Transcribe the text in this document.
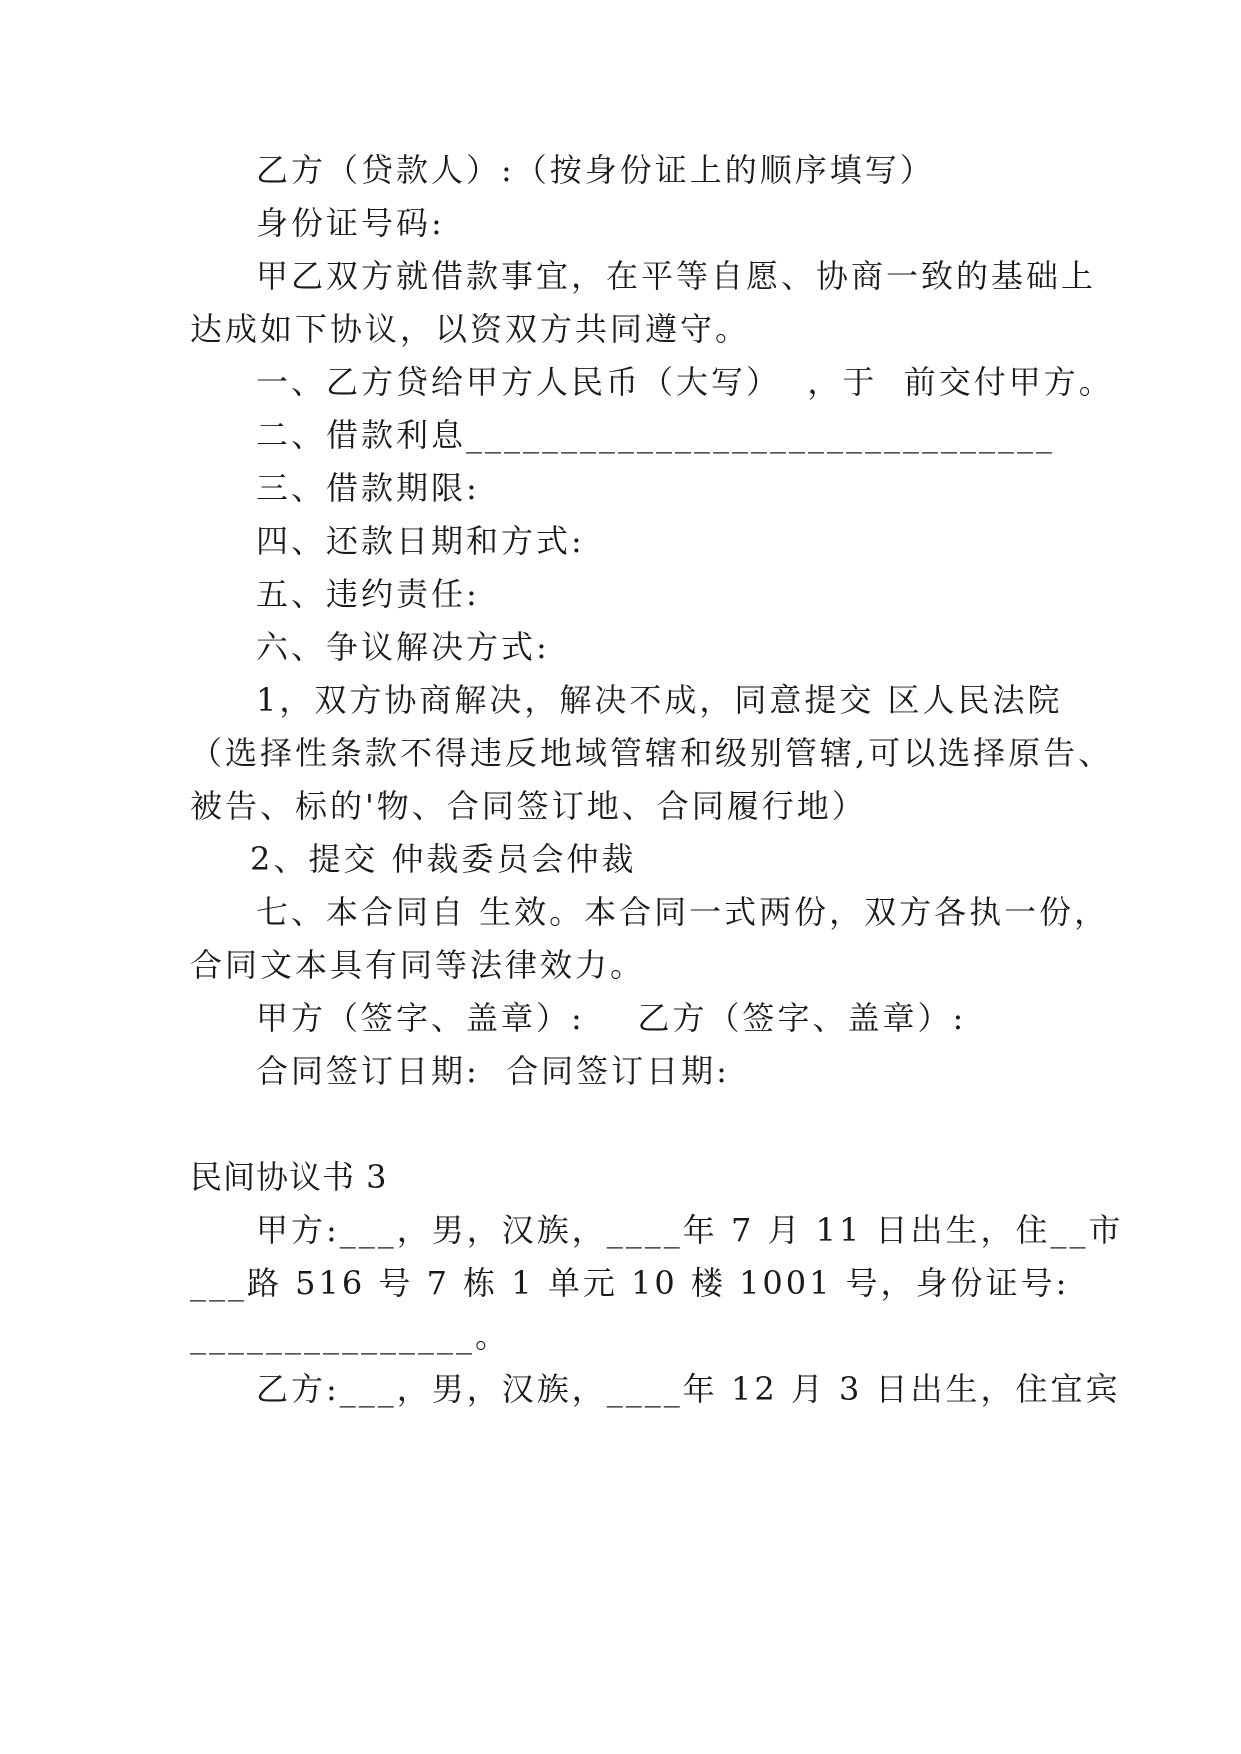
乙方（贷款人）:（按身份证上的顺序填写）
身份证号码:
甲乙双方就借款事宜，在平等自愿、协商一致的基础上
达成如下协议，以资双方共同遵守。
一、乙方贷给甲方人民币（大写）  ，于  前交付甲方。
二、借款利息_______________________________
三、借款期限:
四、还款日期和方式:
五、违约责任:
六、争议解决方式:
1，双方协商解决，解决不成，同意提交 区人民法院
（选择性条款不得违反地域管辖和级别管辖,可以选择原告、
被告、标的'物、合同签订地、合同履行地）
2、提交 仲裁委员会仲裁
七、本合同自 生效。本合同一式两份，双方各执一份，
合同文本具有同等法律效力。
甲方（签字、盖章）:    乙方（签字、盖章）:
合同签订日期:  合同签订日期:
民间协议书 3
甲方:___，男，汉族，____年 7 月 11 日出生，住__市
___路 516 号 7 栋 1 单元 10 楼 1001 号，身份证号:
_______________。
乙方:___，男，汉族，____年 12 月 3 日出生，住宜宾
